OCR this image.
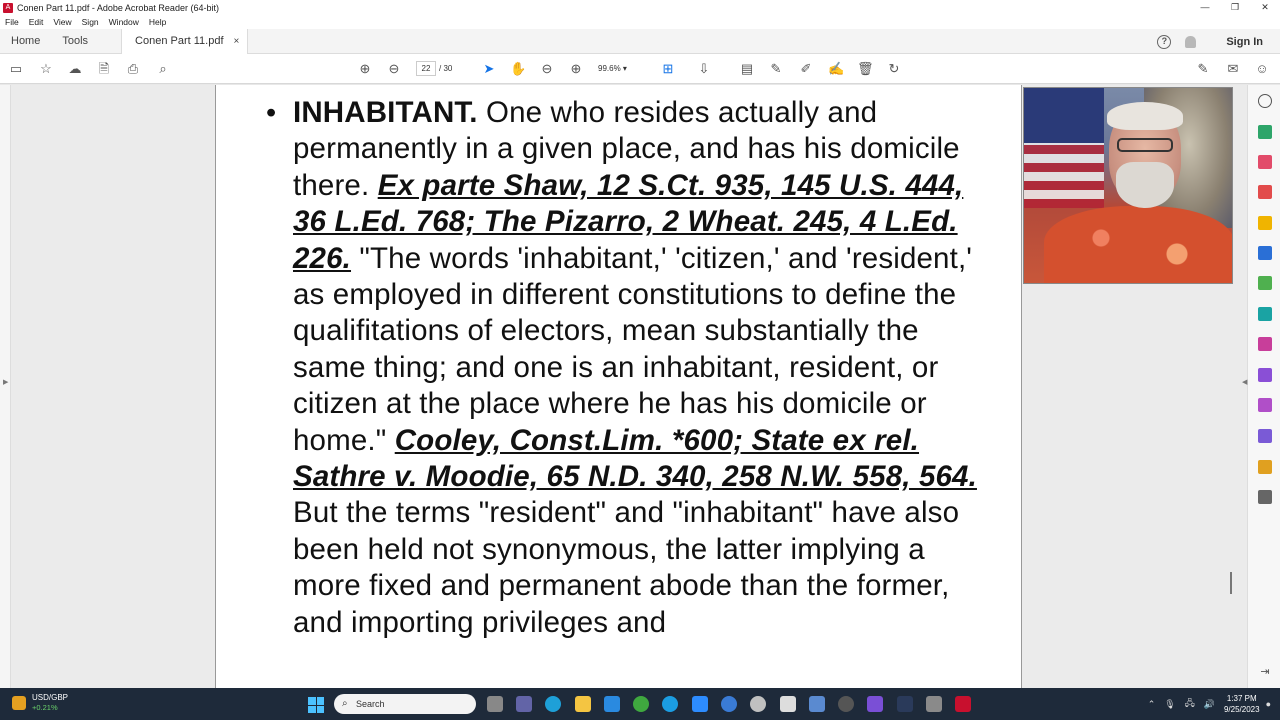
A Conen Part 11.pdf - Adobe Acrobat Reader (64-bit)	—	❐	✕
File Edit View Sign Window Help
Home	Tools	Conen Part 11.pdf ×	?	Sign In
▭ ☆ ☁ 🗎 ⎙	⌕	⊕ ⊖	22	/ 30 ➤ ✋ ⊖ ⊕	99.6% ▾	⊞ ⇩ ▤ ✎ ✐ ✍ 🗑 ↻	✎ ✉ ☺
▶
• INHABITANT. One who resides actually and permanently in a given place, and has his domicile there. Ex parte Shaw, 12 S.Ct. 935, 145 U.S. 444, 36 L.Ed. 768; The Pizarro, 2 Wheat. 245, 4 L.Ed. 226. "The words 'inhabitant,' 'citizen,' and 'resident,' as employed in different constitutions to define the qualifitations of electors, mean substantially the same thing; and one is an inhabitant, resident, or citizen at the place where he has his domicile or home." Cooley, Const.Lim. *600; State ex rel. Sathre v. Moodie, 65 N.D. 340, 258 N.W. 558, 564. But the terms "resident" and "inhabitant" have also been held not synonymous, the latter implying a more fixed and permanent abode than the former, and importing privileges and
◀
⇥
USD/GBP
+0.21%	⌕ Search	⌃ 🎙 🖧 🔊	1:37 PM
9/25/2023
●
